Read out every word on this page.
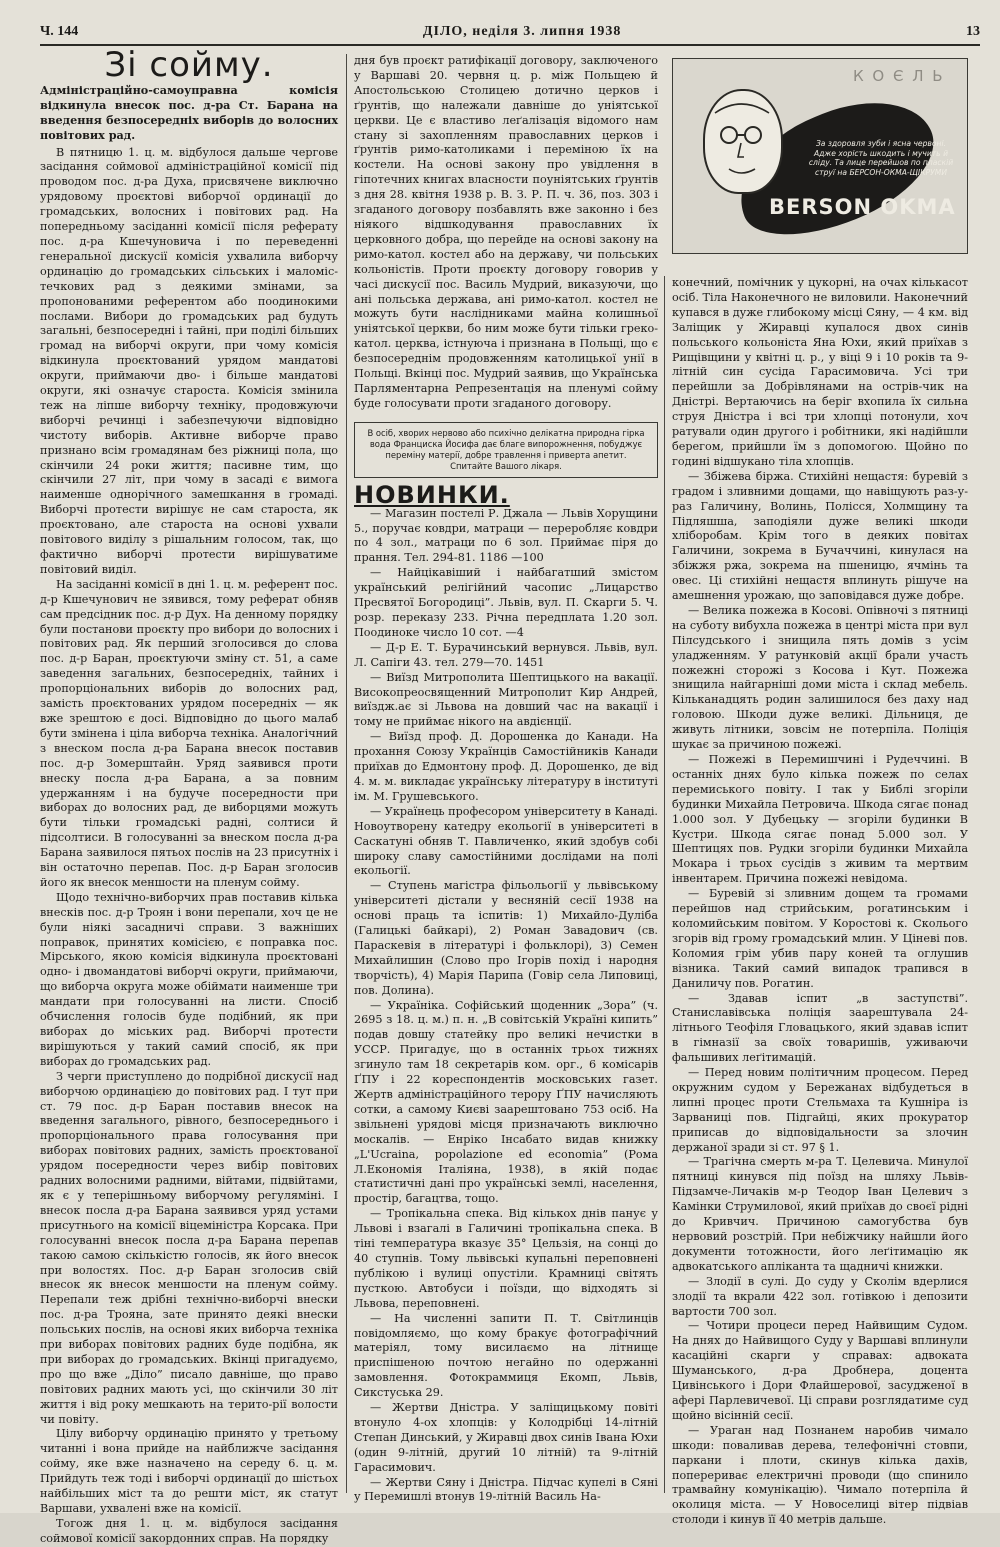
Ч. 144	ДІЛО, неділя 3. липня 1938	13
Зі сойму.
Адміністраційно-самоуправна комісія відкинула внесок пос. д-ра Ст. Барана на введення безпосередніх виборів до волосних повітових рад.

В пятницю 1. ц. м. відбулося дальше чергове засідання соймової адміністраційної комісії під проводом пос. д-ра Духа, присвячене виключно урядовому проєктові виборчої ординації до громадських, волосних і повітових рад. На попередньому засіданні комісії після реферату пос. д-ра Кшечуновича і по переведенні генеральної дискусії комісія ухвалила виборчу ординацію до громадських сільських і маломіс-течкових рад з деякими змінами, за пропонованими референтом або поодинокими послами. Вибори до громадських рад будуть загальні, безпосередні і тайні, при поділі більших громад на виборчі округи, при чому комісія відкинула проєктований урядом мандатові округи, приймаючи дво- і більше мандатові округи, які означує староста. Комісія змінила теж на ліпше виборчу техніку, продовжуючи виборчі речинці і забезпечуючи відповідно чистоту виборів. Активне виборче право признано всім громадянам без ріжниці пола, що скінчили 24 роки життя; пасивне тим, що скінчили 27 літ, при чому в засаді є вимога наименше однорічного замешкання в громаді. Виборчі протести вирішує не сам староста, як проєктовано, але староста на основі ухвали повітового виділу з рішальним голосом, так, що фактично виборчі протести вирішуватиме повітовий виділ.

На засіданні комісії в дні 1. ц. м. референт пос. д-р Кшечунович не зявився, тому реферат обняв сам предсідник пос. д-р Дух. На денному порядку були постанови проєкту про вибори до волосних і повітових рад. Як перший зголосився до слова пос. д-р Баран, проєктуючи зміну ст. 51, а саме заведення загальних, безпосередніх, тайних і пропорціональних виборів до волосних рад, замість проєктованих урядом посередніх — як вже зрештою є досі. Відповідно до цього малаб бути змінена і ціла виборча техніка. Аналогічний з внеском посла д-ра Барана внесок поставив пос. д-р Зомерштайн. Уряд заявився проти внеску посла д-ра Барана, а за повним удержанням і на будуче посередности при виборах до волосних рад, де виборцями можуть бути тільки громадські радні, солтиси й підсолтиси. В голосуванні за внеском посла д-ра Барана заявилося пятьох послів на 23 присутніх і він остаточно перепав. Пос. д-р Баран зголосив його як внесок меншости на пленум сойму.

Щодо технічно-виборчих прав поставив кілька внесків пос. д-р Троян і вони перепали, хоч це не були ніякі засадничі справи. З важніших поправок, принятих комісією, є поправка пос. Мірського, якою комісія відкинула проєктовані одно- і двомандатові виборчі округи, приймаючи, що виборча округа може обіймати наименше три мандати при голосуванні на листи. Спосіб обчислення голосів буде подібний, як при виборах до міських рад. Виборчі протести вирішуються у такий самий спосіб, як при виборах до громадських рад.

З черги приступлено до подрібної дискусії над виборчою ординацією до повітових рад. І тут при ст. 79 пос. д-р Баран поставив внесок на введення загального, рівного, безпосереднього і пропорціонального права голосування при виборах повітових радних, замість проєктованої урядом посередности через вибір повітових радних волосними радними, війтами, підвійтами, як є у теперішньому виборчому регуляміні. І внесок посла д-ра Барана заявився уряд устами присутнього на комісії віцеміністра Корсака. При голосуванні внесок посла д-ра Барана перепав такою самою скількістю голосів, як його внесок при волостях. Пос. д-р Баран зголосив свій внесок як внесок меншости на пленум сойму. Перепали теж дрібні технічно-виборчі внески пос. д-ра Трояна, зате принято деякі внески польських послів, на основі яких виборча техніка при виборах повітових радних буде подібна, як при виборах до громадських. Вкінці пригадуємо, про що вже „Діло” писало давніше, що право повітових радних мають усі, що скінчили 30 літ життя і від року мешкають на терито-рії волости чи повіту.

Цілу виборчу ординацію принято у третьому читанні і вона прийде на найближче засідання сойму, яке вже назначено на середу 6. ц. м. Прийдуть теж тоді і виборчі ординації до шістьох найбільших міст та до решти міст, як статут Варшави, ухвалені вже на комісії.

Тогож дня 1. ц. м. відбулося засідання соймової комісії закордонних справ. На порядку

дня був проєкт ратифікації договору, заключеного у Варшаві 20. червня ц. р. між Польщею й Апостольською Столицею дотично церков і ґрунтів, що належали давніше до уніятської церкви. Це є властиво леґалізація відомого нам стану зі захопленням православних церков і ґрунтів римо-католиками і переміною їх на костели. На основі закону про увідлення в гіпотечних книгах власности поуніятських ґрунтів з дня 28. квітня 1938 р. В. З. Р. П. ч. 36, поз. 303 і згаданого договору позбавлять вже законно і без ніякого відшкодування православних їх церковного добра, що перейде на основі закону на римо-катол. костел або на державу, чи польських кольоністів. Проти проєкту договору говорив у часі дискусії пос. Василь Мудрий, виказуючи, що ані польська держава, ані римо-катол. костел не можуть бути наслідниками майна колишньої уніятської церкви, бо ним може бути тільки греко-катол. церква, істнуюча і признана в Польщі, що є безпосереднім продовженням католицької унії в Польщі. Вкінці пос. Мудрий заявив, що Українська Парляментарна Репрезентація на пленумі сойму буде голосувати проти згаданого договору.

В осіб, хворих нервово або психічно делікатна природна гірка вода Франциска Йосифа дає благе випорожнення, побуджує переміну матерії, добре травлення і приверта апетит. Спитайте Вашого лікаря.
НОВИНКИ.

— Магазин постелі Р. Джала — Львів Хорущини 5., поручає ковдри, матраци — переробляє ковдри по 4 зол., матраци по 6 зол. Приймає піря до прання. Тел. 294-81. 1186 —100

— Найцікавіший і найбагатший змістом український релігійний часопис „Лицарство Пресвятої Богородиці”. Львів, вул. П. Скарги 5. Ч. розр. переказу 233. Річна передплата 1.20 зол. Поодиноке число 10 сот. —4

— Д-р Е. Т. Бурачинський вернувся. Львів, вул. Л. Сапіги 43. тел. 279—70. 1451

— Виїзд Митрополита Шептицького на вакації. Високопреосвященний Митрополит Кир Андрей, виїздж.ає зі Львова на довший час на вакації і тому не приймає нікого на авдієнції.

— Виїзд проф. Д. Дорошенка до Канади. На прохання Союзу Українців Самостійників Канади приїхав до Едмонтону проф. Д. Дорошенко, де від 4. м. м. викладає українську літературу в інституті ім. М. Грушевського.

— Українець професором університету в Канаді. Новоутворену катедру екольогії в університеті в Саскатуні обняв Т. Павличенко, який здобув собі широку славу самостійними дослідами на полі екольогії.

— Ступень магістра фільольогії у львівському університеті дістали у весняній сесії 1938 на основі праць та іспитів: 1) Михайло-Дуліба (Галицькі байкарі), 2) Роман Завадович (св. Параскевія в літературі і фольклорі), 3) Семен Михайлишин (Слово про Ігорів похід і народня творчість), 4) Марія Парипа (Говір села Липовиці, пов. Долина).

— Україніка. Софійський щоденник „Зора” (ч. 2695 з 18. ц. м.) п. н. „В совітській Україні кипить” подав довшу статейку про великі нечистки в УССР. Пригадує, що в останніх трьох тижнях згинуло там 18 секретарів ком. орг., 6 комісарів ҐПУ і 22 кореспондентів московських газет. Жертв адміністраційного терору ҐПУ начисляють сотки, а самому Києві заарештовано 753 осіб. На звільнені урядові місця призначають виключно москалів. — Енріко Інсабато видав книжку „L'Ucraina, popolazione ed economia” (Рома Л.Економія Італіяна, 1938), в якій подає статистичні дані про українські землі, населення, простір, багацтва, тощо.

— Тропікальна спека. Від кількох днів панує у Львові і взагалі в Галичині тропікальна спека. В тіні температура вказує 35° Цельзія, на сонці до 40 ступнів. Тому львівські купальні переповнені публікою і вулиці опустіли. Крамниці світять пусткою. Автобуси і поїзди, що відходять зі Львова, переповнені.

— На численні запити П. Т. Світлинців повідомляємо, що кому бракує фотографічний матеріял, тому висилаємо на літнище приспішеною почтою негайно по одержанні замовлення. Фотокраммиця Екомп, Львів, Сикстуська 29.

— Жертви Дністра. У заліщицькому повіті втонуло 4-ох хлопців: у Колодрібці 14-літній Степан Динський, у Жиравці двох синів Івана Юхи (один 9-літній, другий 10 літній) та 9-літній Гарасимович.

— Жертви Сяну і Дністра. Підчас купелі в Сяні у Перемишлі втонув 19-літній Василь На-

К О Є Л Ь
За здоровля зуби і ясна червоні. Адже хорість шкодить і мучить й сліду. Та лице перейшов по пласкій струї на БЕРСОН-ОКМА-ЩІКРУМИ
BERSON OKMA

конечний, помічник у цукорні, на очах кількасот осіб. Тіла Наконечного не виловили. Наконечний купався в дуже глибокому місці Сяну, — 4 км. від Заліщик у Жиравці купалося двох синів польського кольоніста Яна Юхи, який приїхав з Рищівщини у квітні ц. р., у віці 9 і 10 років та 9-літній син сусіда Гарасимовича. Усі три перейшли за Добрівлянами на острів-чик на Дністрі. Вертаючись на беріг вхопила їх сильна струя Дністра і всі три хлопці потонули, хоч ратували один другого і робітники, які надійшли берегом, прийшли їм з допомогою. Щойно по годині відшукано тіла хлопців.

— Збіжева біржа. Стихійні нещастя: буревій з градом і зливними дощами, що навіщують раз-у-раз Галичину, Волинь, Полісся, Холмщину та Підляшша, заподіяли дуже великі шкоди хліборобам. Крім того в деяких повітах Галичини, зокрема в Бучаччині, кинулася на збіжжя ржа, зокрема на пшеницю, ячмінь та овес. Ці стихійні нещастя вплинуть рішуче на амешнення урожаю, що заповідався дуже добре.

— Велика пожежа в Косові. Опівночі з пятниці на суботу вибухла пожежа в центрі міста при вул Пілсудського і знищила пять домів з усім уладженням. У ратунковій акції брали участь пожежні сторожі з Косова і Кут. Пожежа знищила найгарніші доми міста і склад мебель. Кільканадцять родин залишилося без даху над головою. Шкоди дуже великі. Дільниця, де живуть літники, зовсім не потерпіла. Поліція шукає за причиною пожежі.

— Пожежі в Перемишчині і Рудеччині. В останніх днях було кілька пожеж по селах перемиського повіту. І так у Библі згоріли будинки Михайла Петровича. Шкода сягає понад 1.000 зол. У Дубецьку — згоріли будинки В Кустри. Шкода сягає понад 5.000 зол. У Шептицях пов. Рудки згоріли будинки Михайла Мокара і трьох сусідів з живим та мертвим інвентарем. Причина пожежі невідома.

— Буревій зі зливним дощем та громами перейшов над стрийським, рогатинським і коломийським повітом. У Коростові к. Сколього згорів від грому громадський млин. У Ціневі пов. Коломия грім убив пару коней та оглушив візника. Такий самий випадок трапився в Даниличу пов. Рогатин.

— Здавав іспит „в заступстві”. Станиславівська поліція заарештувала 24-літнього Теофіля Гловацького, який здавав іспит в гімназії за своїх товаришів, уживаючи фальшивих леґітимацій.

— Перед новим політичним процесом. Перед окружним судом у Бережанах відбудеться в липні процес проти Стельмаха та Кушніра із Зарваниці пов. Підгайці, яких прокуратор приписав до відповідальности за злочин держаної зради зі ст. 97 § 1.

— Трагічна смерть м-ра Т. Целевича. Минулої пятниці кинувся під поїзд на шляху Львів-Підзамче-Личаків м-р Теодор Іван Целевич з Камінки Струмилової, який приїхав до своєї рідні до Кривчич. Причиною самогубства був нервовий розстрій. При небіжчику найшли його документи тотожности, його леґітимацію як адвокатського апліканта та щадничі книжки.

— Злодії в сулі. До суду у Сколім вдерлися злодії та вкрали 422 зол. готівкою і депозити вартости 700 зол.

— Чотири процеси перед Найвищим Судом. На днях до Найвищого Суду у Варшаві вплинули касаційні скарги у справах: адвоката Шуманського, д-ра Дробнера, доцента Цивінського і Дори Флайшерової, засудженої в афері Парлевичевої. Ці справи розглядатиме суд щойно вісінній сесії.

— Ураган над Познанем наробив чимало шкоди: поваливав дерева, телефонічні стовпи, паркани і плоти, скинув кілька дахів, поперериває електричні проводи (що спинило трамвайну комунікацію). Чимало потерпіла й околиця міста. — У Новоселиці вітер підвіав столоди і кинув її 40 метрів дальше.
